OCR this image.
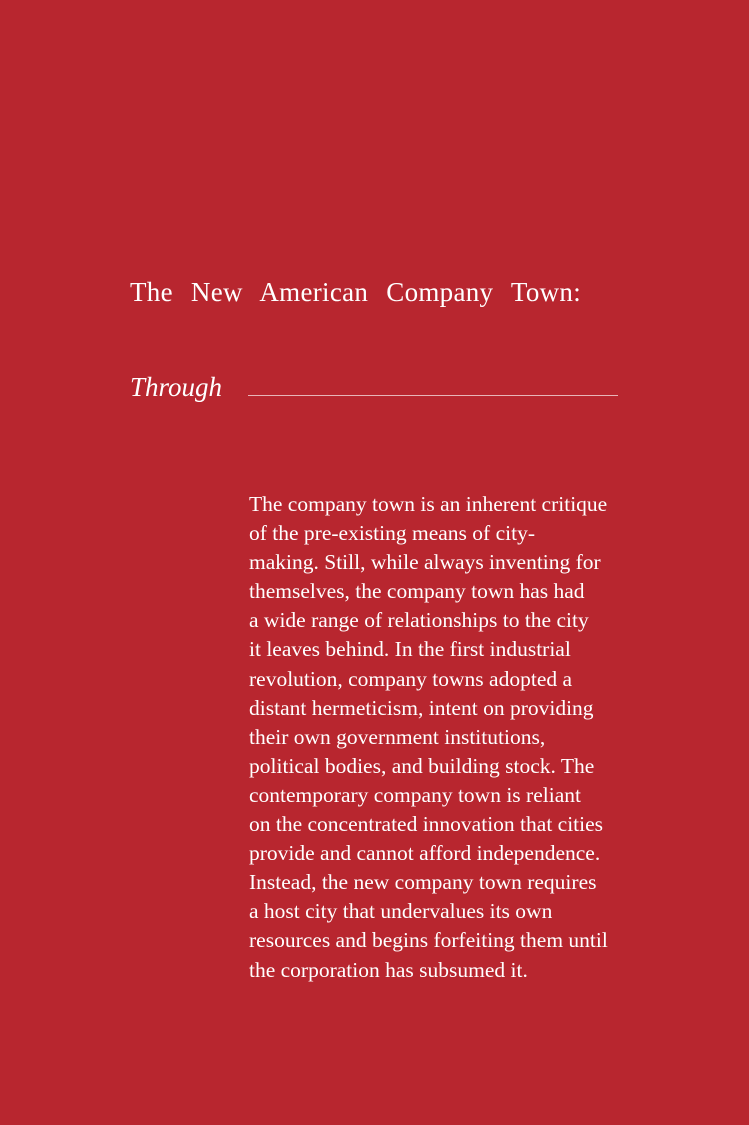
The New American Company Town:
Through
The company town is an inherent critique
of the pre-existing means of city-
making. Still, while always inventing for
themselves, the company town has had
a wide range of relationships to the city
it leaves behind. In the first industrial
revolution, company towns adopted a
distant hermeticism, intent on providing
their own government institutions,
political bodies, and building stock. The
contemporary company town is reliant
on the concentrated innovation that cities
provide and cannot afford independence.
Instead, the new company town requires
a host city that undervalues its own
resources and begins forfeiting them until
the corporation has subsumed it.
